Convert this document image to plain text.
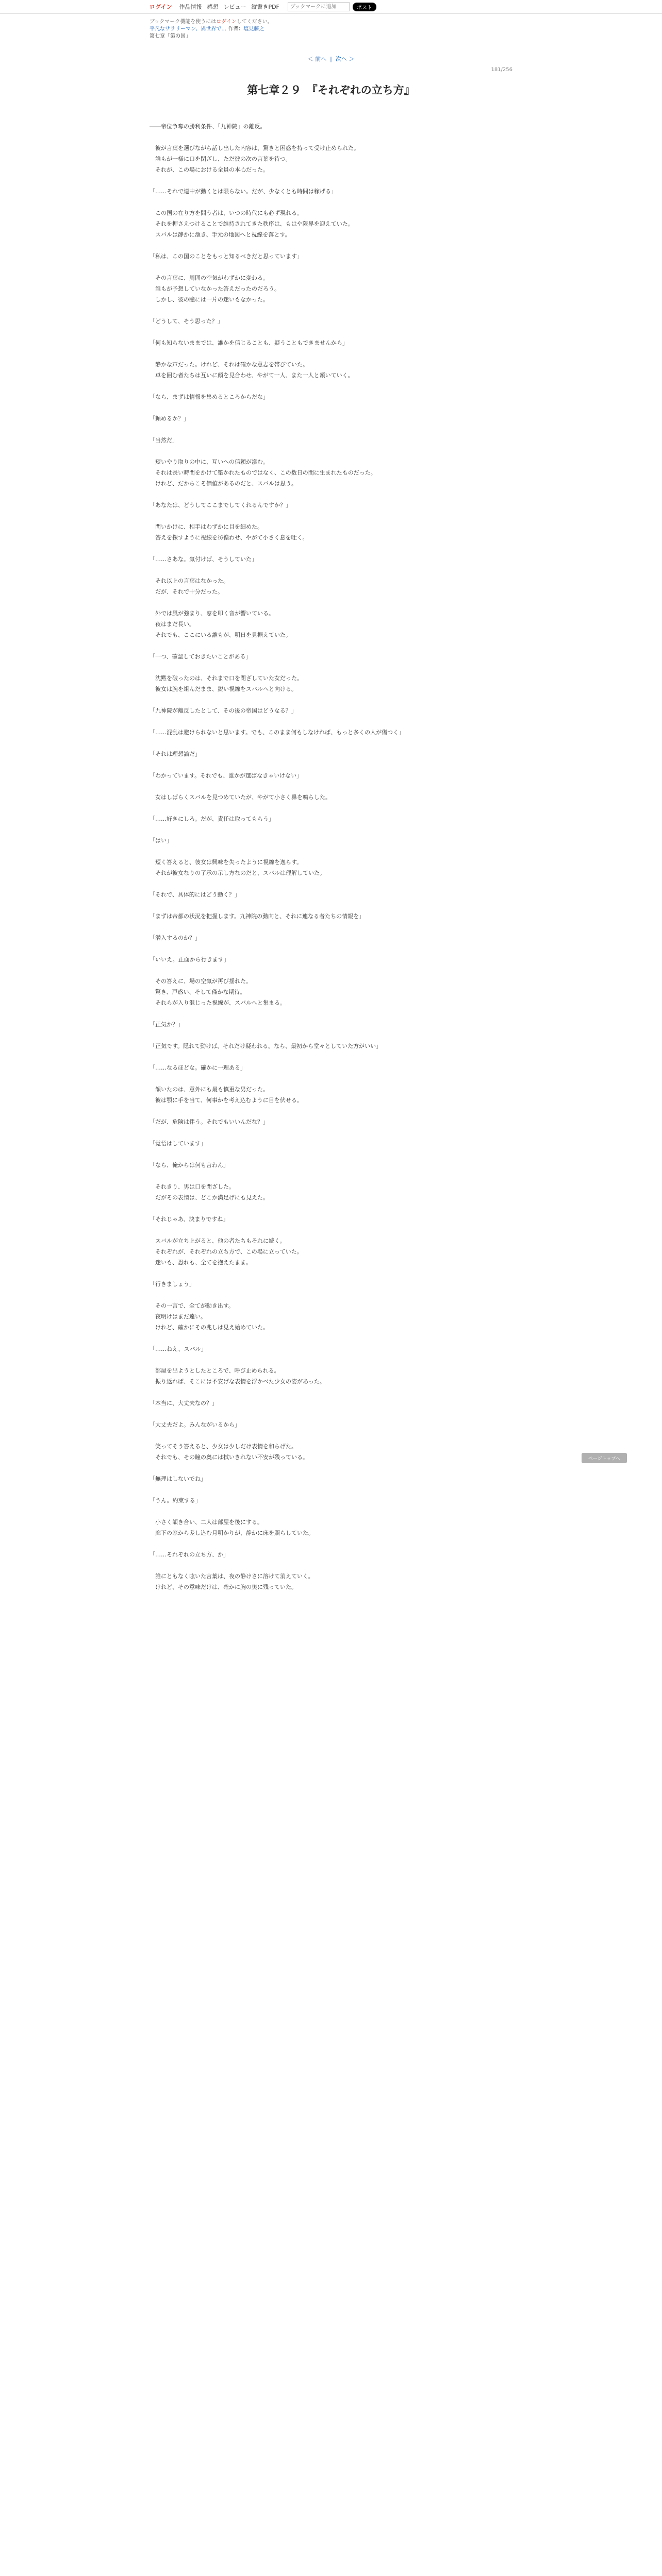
ログイン 作品情報 感想 レビュー 縦書きPDF
ブックマークに追加	ポスト
ブックマーク機能を使うにはログインしてください。
平凡なサラリーマン、異世界で… 作者：塩見藤之
第七章「第の国」
＜ 前へ  |  次へ ＞
181/256
第七章２９　『それぞれの立ち方』

――帝位争奪の勝利条件、「九神院」の離反。

　彼が言葉を選びながら話し出した内容は、驚きと困惑を持って受け止められた。
　誰もが一様に口を閉ざし、ただ彼の次の言葉を待つ。
　それが、この場における全員の本心だった。

「……それで連中が動くとは限らない。だが、少なくとも時間は稼げる」

　この国の在り方を問う者は、いつの時代にも必ず現れる。
　それを押さえつけることで維持されてきた秩序は、もはや限界を迎えていた。
　スバルは静かに頷き、手元の地図へと視線を落とす。

「私は、この国のことをもっと知るべきだと思っています」

　その言葉に、周囲の空気がわずかに変わる。
　誰もが予想していなかった答えだったのだろう。
　しかし、彼の瞳には一片の迷いもなかった。

「どうして、そう思った？」

「何も知らないままでは、誰かを信じることも、疑うこともできませんから」

　静かな声だった。けれど、それは確かな意志を帯びていた。
　卓を囲む者たちは互いに顔を見合わせ、やがて一人、また一人と頷いていく。

「なら、まずは情報を集めるところからだな」

「頼めるか？」

「当然だ」

　短いやり取りの中に、互いへの信頼が滲む。
　それは長い時間をかけて築かれたものではなく、この数日の間に生まれたものだった。
　けれど、だからこそ価値があるのだと、スバルは思う。

「あなたは、どうしてここまでしてくれるんですか？」

　問いかけに、相手はわずかに目を細めた。
　答えを探すように視線を彷徨わせ、やがて小さく息を吐く。

「……さあな。気付けば、そうしていた」

　それ以上の言葉はなかった。
　だが、それで十分だった。

　外では風が強まり、窓を叩く音が響いている。
　夜はまだ長い。
　それでも、ここにいる誰もが、明日を見据えていた。

「一つ、確認しておきたいことがある」

　沈黙を破ったのは、それまで口を閉ざしていた女だった。
　彼女は腕を組んだまま、鋭い視線をスバルへと向ける。

「九神院が離反したとして、その後の帝国はどうなる？」

「……混乱は避けられないと思います。でも、このまま何もしなければ、もっと多くの人が傷つく」

「それは理想論だ」

「わかっています。それでも、誰かが選ばなきゃいけない」

　女はしばらくスバルを見つめていたが、やがて小さく鼻を鳴らした。

「……好きにしろ。だが、責任は取ってもらう」

「はい」

　短く答えると、彼女は興味を失ったように視線を逸らす。
　それが彼女なりの了承の示し方なのだと、スバルは理解していた。

「それで、具体的にはどう動く？」

「まずは帝都の状況を把握します。九神院の動向と、それに連なる者たちの情報を」

「潜入するのか？」

「いいえ。正面から行きます」

　その答えに、場の空気が再び揺れた。
　驚き、戸惑い、そして僅かな期待。
　それらが入り混じった視線が、スバルへと集まる。

「正気か？」

「正気です。隠れて動けば、それだけ疑われる。なら、最初から堂々としていた方がいい」

「……なるほどな。確かに一理ある」

　頷いたのは、意外にも最も慎重な男だった。
　彼は顎に手を当て、何事かを考え込むように目を伏せる。

「だが、危険は伴う。それでもいいんだな？」

「覚悟はしています」

「なら、俺からは何も言わん」

　それきり、男は口を閉ざした。
　だがその表情は、どこか満足げにも見えた。

「それじゃあ、決まりですね」

　スバルが立ち上がると、他の者たちもそれに続く。
　それぞれが、それぞれの立ち方で、この場に立っていた。
　迷いも、恐れも、全てを抱えたまま。

「行きましょう」

　その一言で、全てが動き出す。
　夜明けはまだ遠い。
　けれど、確かにその兆しは見え始めていた。

「……ねえ、スバル」

　部屋を出ようとしたところで、呼び止められる。
　振り返れば、そこには不安げな表情を浮かべた少女の姿があった。

「本当に、大丈夫なの？」

「大丈夫だよ。みんながいるから」

　笑ってそう答えると、少女は少しだけ表情を和らげた。
　それでも、その瞳の奥には拭いきれない不安が残っている。

「無理はしないでね」

「うん。約束する」

　小さく頷き合い、二人は部屋を後にする。
　廊下の窓から差し込む月明かりが、静かに床を照らしていた。

「……それぞれの立ち方、か」

　誰にともなく呟いた言葉は、夜の静けさに溶けて消えていく。
　けれど、その意味だけは、確かに胸の奥に残っていた。

ページトップへ
